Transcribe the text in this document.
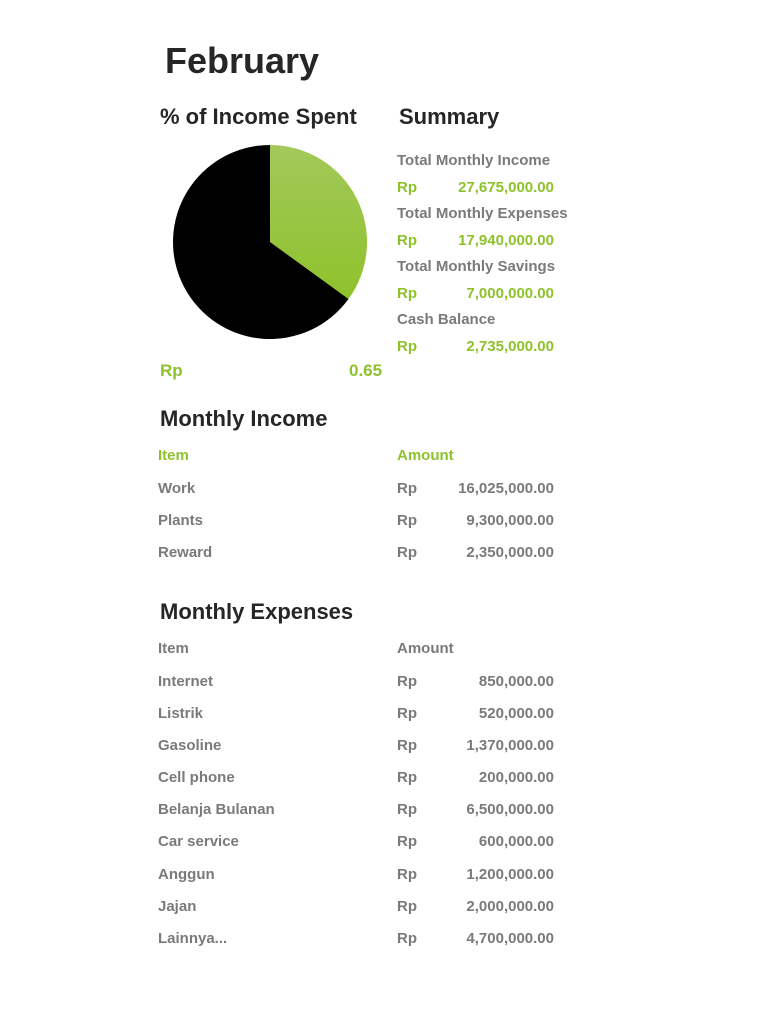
February
% of Income Spent
Rp	0.65
Summary
Total Monthly Income
Rp	27,675,000.00
Total Monthly Expenses
Rp	17,940,000.00
Total Monthly Savings
Rp	7,000,000.00
Cash Balance
Rp	2,735,000.00
Monthly Income
Item	Amount
Work	Rp	16,025,000.00
Plants	Rp	9,300,000.00
Reward	Rp	2,350,000.00
Monthly Expenses
Item	Amount
Internet	Rp	850,000.00
Listrik	Rp	520,000.00
Gasoline	Rp	1,370,000.00
Cell phone	Rp	200,000.00
Belanja Bulanan	Rp	6,500,000.00
Car service	Rp	600,000.00
Anggun	Rp	1,200,000.00
Jajan	Rp	2,000,000.00
Lainnya...	Rp	4,700,000.00
